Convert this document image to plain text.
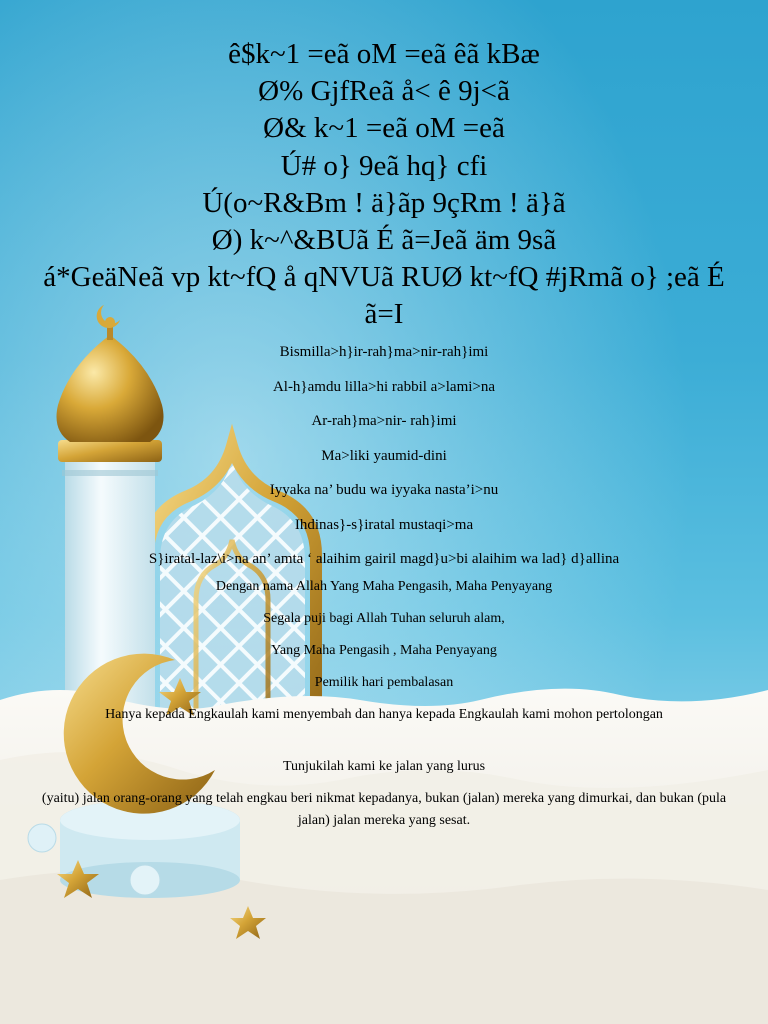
ê$k~1 =eã oM =eã êã kBæ
Ø% GjfReã å< ê 9j<ã
Ø& k~1 =eã oM =eã
Ú# o} 9eã hq} cfi
Ú(o~R&Bm ! ä}ãp 9çRm ! ä}ã
Ø) k~^&BUã É ã=Jeã äm 9sã
á*GeäNeã vp kt~fQ å qNVUã RUØ kt~fQ #jRmã o} ;eã É ã=I
Bismilla>h}ir-rah}ma>nir-rah}imi
Al-h}amdu lilla>hi rabbil a>lami>na
Ar-rah}ma>nir- rah}imi
Ma>liki yaumid-dini
Iyyaka na’ budu wa iyyaka nasta’i>nu
Ihdinas}-s}iratal mustaqi>ma
S}iratal-laz\i>na an’ amta ‘ alaihim gairil magd}u>bi alaihim wa lad} d}allina
Dengan nama Allah Yang Maha Pengasih, Maha Penyayang
Segala puji bagi Allah Tuhan seluruh alam,
Yang Maha Pengasih , Maha Penyayang
Pemilik hari pembalasan
Hanya kepada Engkaulah kami menyembah dan hanya kepada Engkaulah kami mohon pertolongan
Tunjukilah kami ke jalan yang lurus
(yaitu) jalan orang-orang yang telah engkau beri nikmat kepadanya, bukan (jalan) mereka yang dimurkai, dan bukan (pula jalan) jalan mereka yang sesat.
